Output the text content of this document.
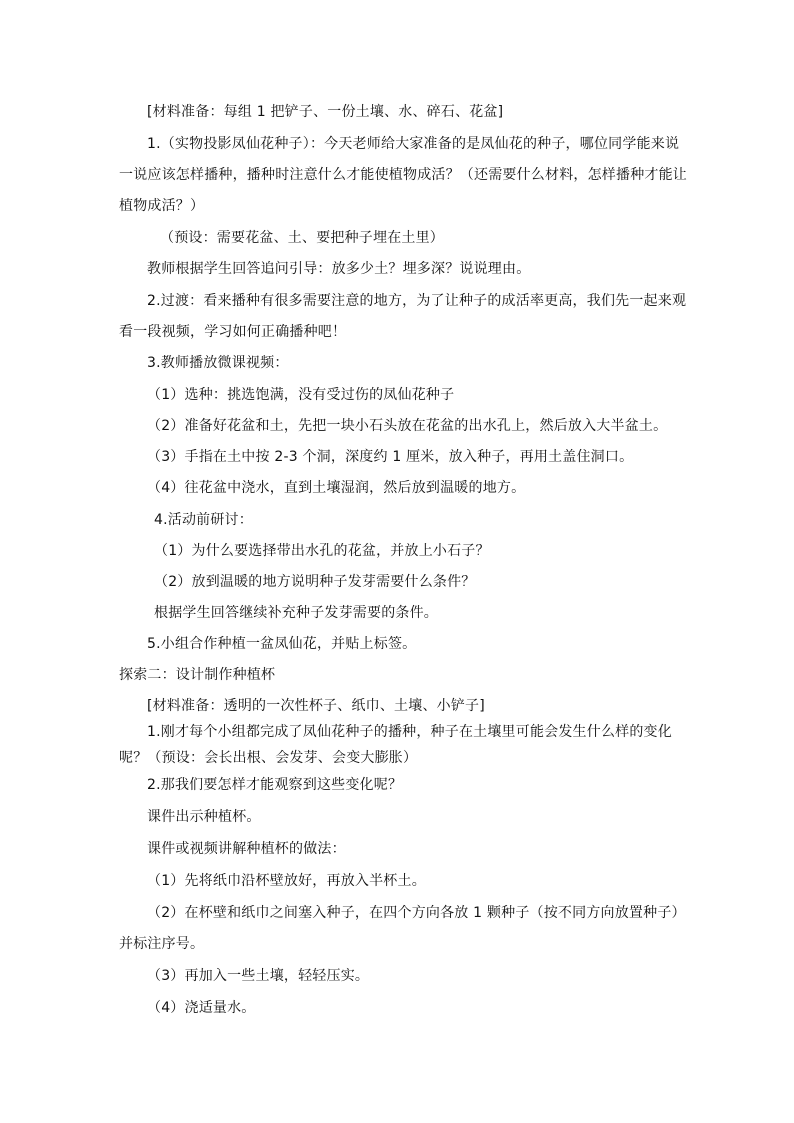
[材料准备：每组 1 把铲子、一份土壤、水、碎石、花盆]
1.（实物投影凤仙花种子）：今天老师给大家准备的是凤仙花的种子，哪位同学能来说
一说应该怎样播种，播种时注意什么才能使植物成活？（还需要什么材料，怎样播种才能让
植物成活？）
（预设：需要花盆、土、要把种子埋在土里）
教师根据学生回答追问引导：放多少土？埋多深？说说理由。
2.过渡：看来播种有很多需要注意的地方，为了让种子的成活率更高，我们先一起来观
看一段视频，学习如何正确播种吧！
3.教师播放微课视频：
（1）选种：挑选饱满，没有受过伤的凤仙花种子
（2）准备好花盆和土，先把一块小石头放在花盆的出水孔上，然后放入大半盆土。
（3）手指在土中按 2-3 个洞，深度约 1 厘米，放入种子，再用土盖住洞口。
（4）往花盆中浇水，直到土壤湿润，然后放到温暖的地方。
4.活动前研讨：
（1）为什么要选择带出水孔的花盆，并放上小石子？
（2）放到温暖的地方说明种子发芽需要什么条件？
根据学生回答继续补充种子发芽需要的条件。
5.小组合作种植一盆凤仙花，并贴上标签。
探索二：设计制作种植杯
[材料准备：透明的一次性杯子、纸巾、土壤、小铲子]
1.刚才每个小组都完成了凤仙花种子的播种，种子在土壤里可能会发生什么样的变化
呢？（预设：会长出根、会发芽、会变大膨胀）
2.那我们要怎样才能观察到这些变化呢？
课件出示种植杯。
课件或视频讲解种植杯的做法：
（1）先将纸巾沿杯壁放好，再放入半杯土。
（2）在杯壁和纸巾之间塞入种子，在四个方向各放 1 颗种子（按不同方向放置种子）
并标注序号。
（3）再加入一些土壤，轻轻压实。
（4）浇适量水。
